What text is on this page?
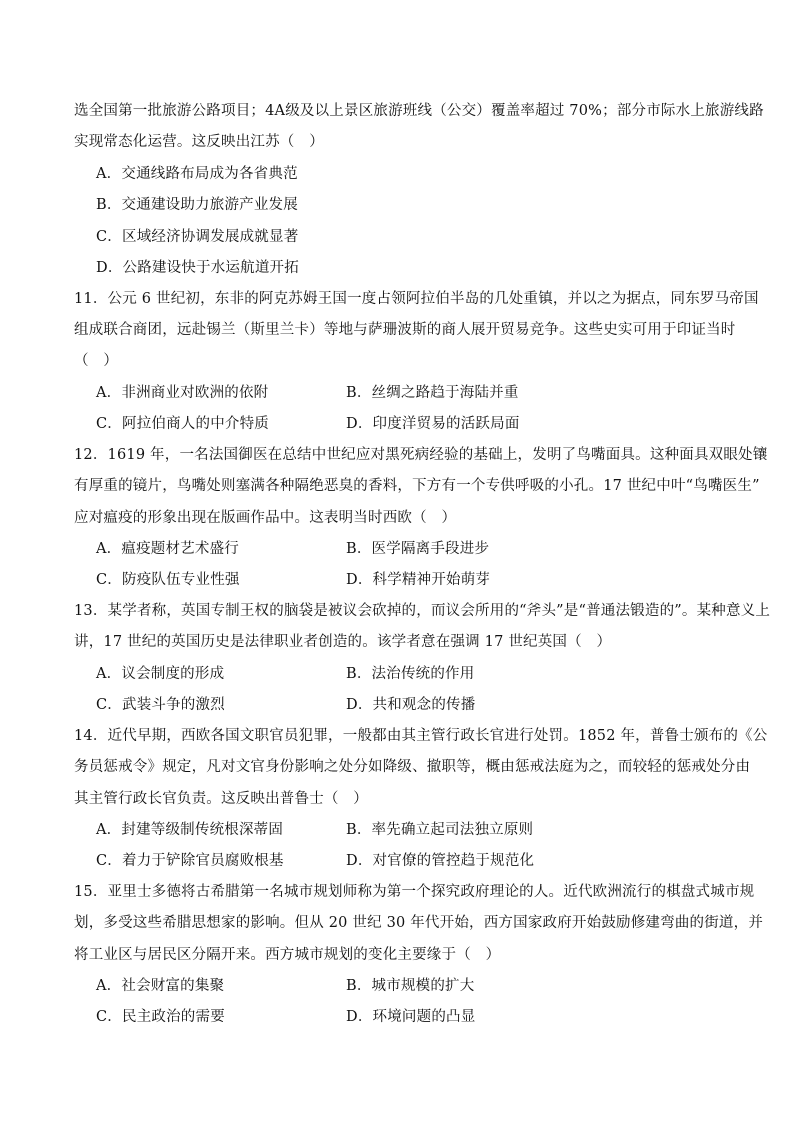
选全国第一批旅游公路项目；4A级及以上景区旅游班线（公交）覆盖率超过 70%；部分市际水上旅游线路
实现常态化运营。这反映出江苏（　）
A．交通线路布局成为各省典范
B．交通建设助力旅游产业发展
C．区域经济协调发展成就显著
D．公路建设快于水运航道开拓
11．公元 6 世纪初，东非的阿克苏姆王国一度占领阿拉伯半岛的几处重镇，并以之为据点，同东罗马帝国
组成联合商团，远赴锡兰（斯里兰卡）等地与萨珊波斯的商人展开贸易竞争。这些史实可用于印证当时
（　）
A．非洲商业对欧洲的依附	B．丝绸之路趋于海陆并重
C．阿拉伯商人的中介特质	D．印度洋贸易的活跃局面
12．1619 年，一名法国御医在总结中世纪应对黑死病经验的基础上，发明了鸟嘴面具。这种面具双眼处镶
有厚重的镜片，鸟嘴处则塞满各种隔绝恶臭的香料，下方有一个专供呼吸的小孔。17 世纪中叶“鸟嘴医生”
应对瘟疫的形象出现在版画作品中。这表明当时西欧（　）
A．瘟疫题材艺术盛行	B．医学隔离手段进步
C．防疫队伍专业性强	D．科学精神开始萌芽
13．某学者称，英国专制王权的脑袋是被议会砍掉的，而议会所用的“斧头”是“普通法锻造的”。某种意义上
讲，17 世纪的英国历史是法律职业者创造的。该学者意在强调 17 世纪英国（　）
A．议会制度的形成	B．法治传统的作用
C．武装斗争的激烈	D．共和观念的传播
14．近代早期，西欧各国文职官员犯罪，一般都由其主管行政长官进行处罚。1852 年，普鲁士颁布的《公
务员惩戒令》规定，凡对文官身份影响之处分如降级、撤职等，概由惩戒法庭为之，而较轻的惩戒处分由
其主管行政长官负责。这反映出普鲁士（　）
A．封建等级制传统根深蒂固	B．率先确立起司法独立原则
C．着力于铲除官员腐败根基	D．对官僚的管控趋于规范化
15．亚里士多德将古希腊第一名城市规划师称为第一个探究政府理论的人。近代欧洲流行的棋盘式城市规
划，多受这些希腊思想家的影响。但从 20 世纪 30 年代开始，西方国家政府开始鼓励修建弯曲的街道，并
将工业区与居民区分隔开来。西方城市规划的变化主要缘于（　）
A．社会财富的集聚	B．城市规模的扩大
C．民主政治的需要	D．环境问题的凸显
